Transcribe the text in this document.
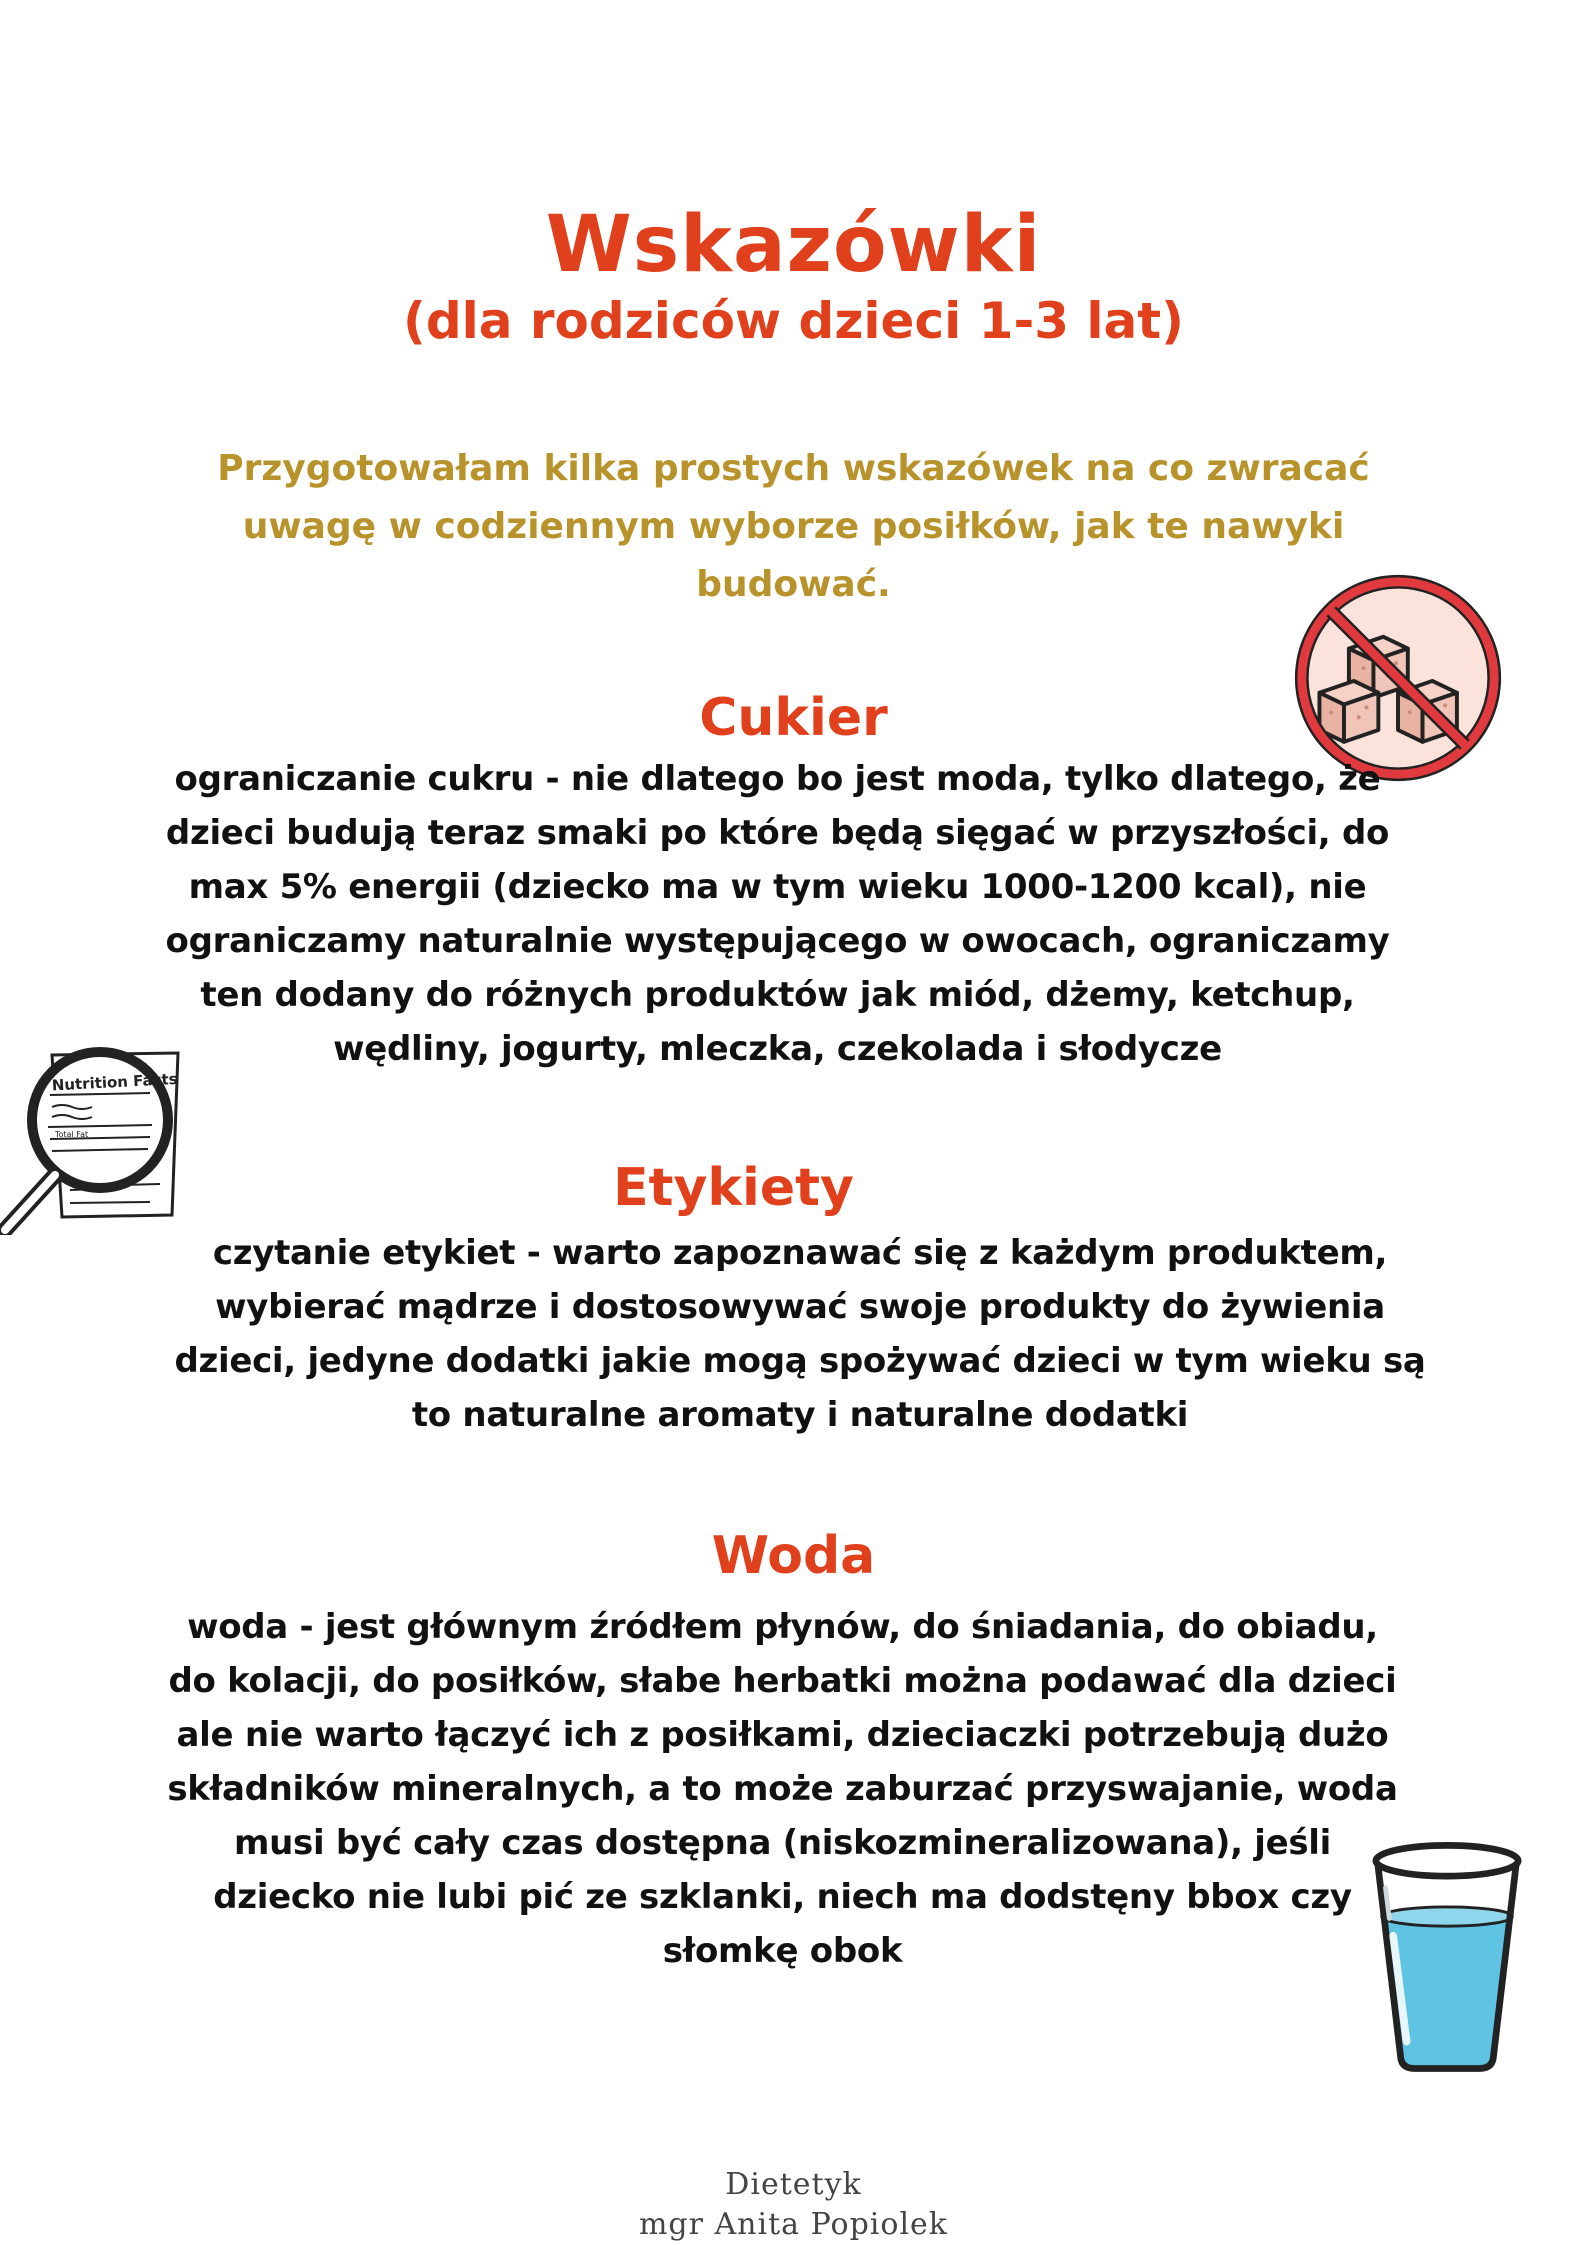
Wskazówki
(dla rodziców dzieci 1-3 lat)

Przygotowałam kilka prostych wskazówek na co zwracać uwagę w codziennym wyborze posiłków, jak te nawyki budować.

Cukier

ograniczanie cukru - nie dlatego bo jest moda, tylko dlatego, że dzieci budują teraz smaki po które będą sięgać w przyszłości, do max 5% energii (dziecko ma w tym wieku 1000-1200 kcal), nie ograniczamy naturalnie występującego w owocach, ograniczamy ten dodany do różnych produktów jak miód, dżemy, ketchup, wędliny, jogurty, mleczka, czekolada i słodycze

Nutrition Facts
Total Fat
Etykiety

czytanie etykiet - warto zapoznawać się z każdym produktem, wybierać mądrze i dostosowywać swoje produkty do żywienia dzieci, jedyne dodatki jakie mogą spożywać dzieci w tym wieku są to naturalne aromaty i naturalne dodatki

Woda

woda - jest głównym źródłem płynów, do śniadania, do obiadu, do kolacji, do posiłków, słabe herbatki można podawać dla dzieci ale nie warto łączyć ich z posiłkami, dzieciaczki potrzebują dużo składników mineralnych, a to może zaburzać przyswajanie, woda musi być cały czas dostępna (niskozmineralizowana), jeśli dziecko nie lubi pić ze szklanki, niech ma dodstęny bbox czy słomkę obok

Dietetyk
mgr Anita Popiolek
